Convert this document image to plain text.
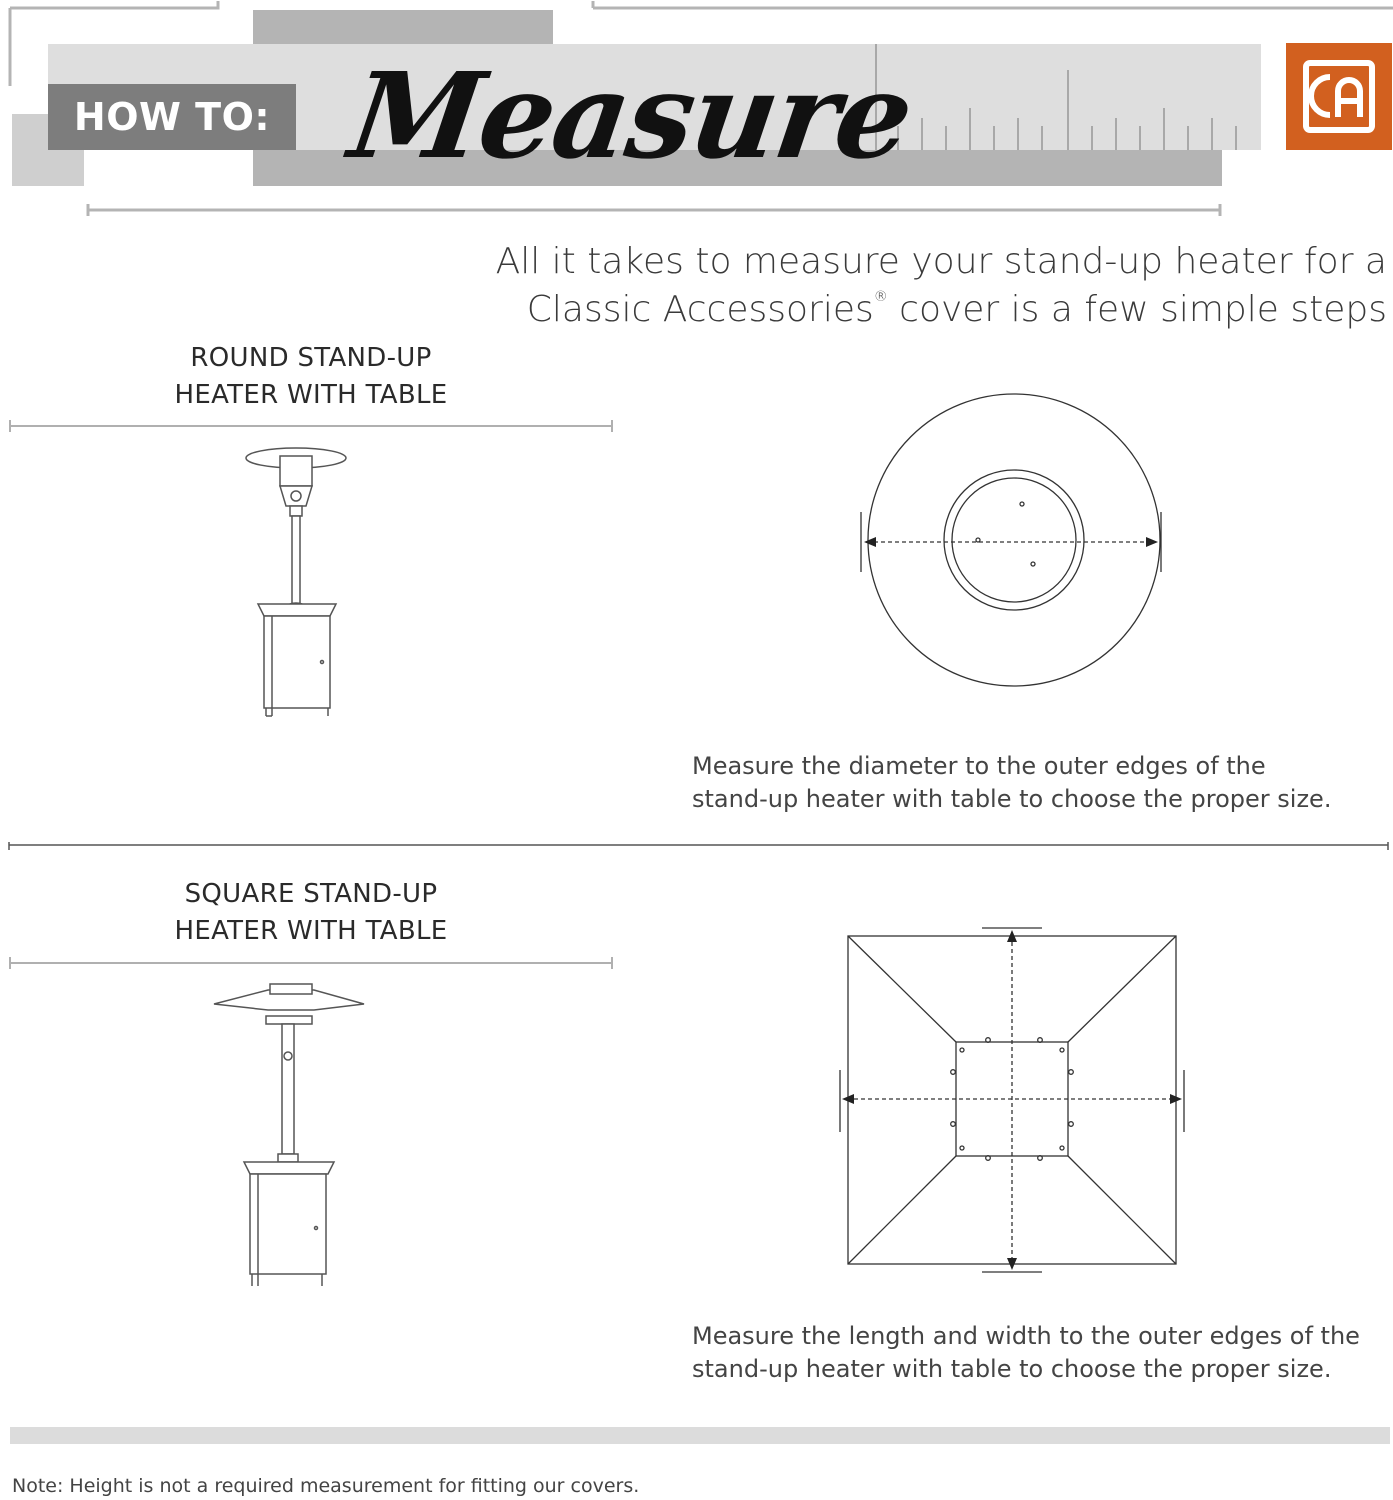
HOW TO: Measure
All it takes to measure your stand-up heater for a
Classic Accessories® cover is a few simple steps
ROUND STAND-UP
HEATER WITH TABLE
Measure the diameter to the outer edges of the
stand-up heater with table to choose the proper size.
SQUARE STAND-UP
HEATER WITH TABLE
Measure the length and width to the outer edges of the
stand-up heater with table to choose the proper size.
Note: Height is not a required measurement for fitting our covers.
